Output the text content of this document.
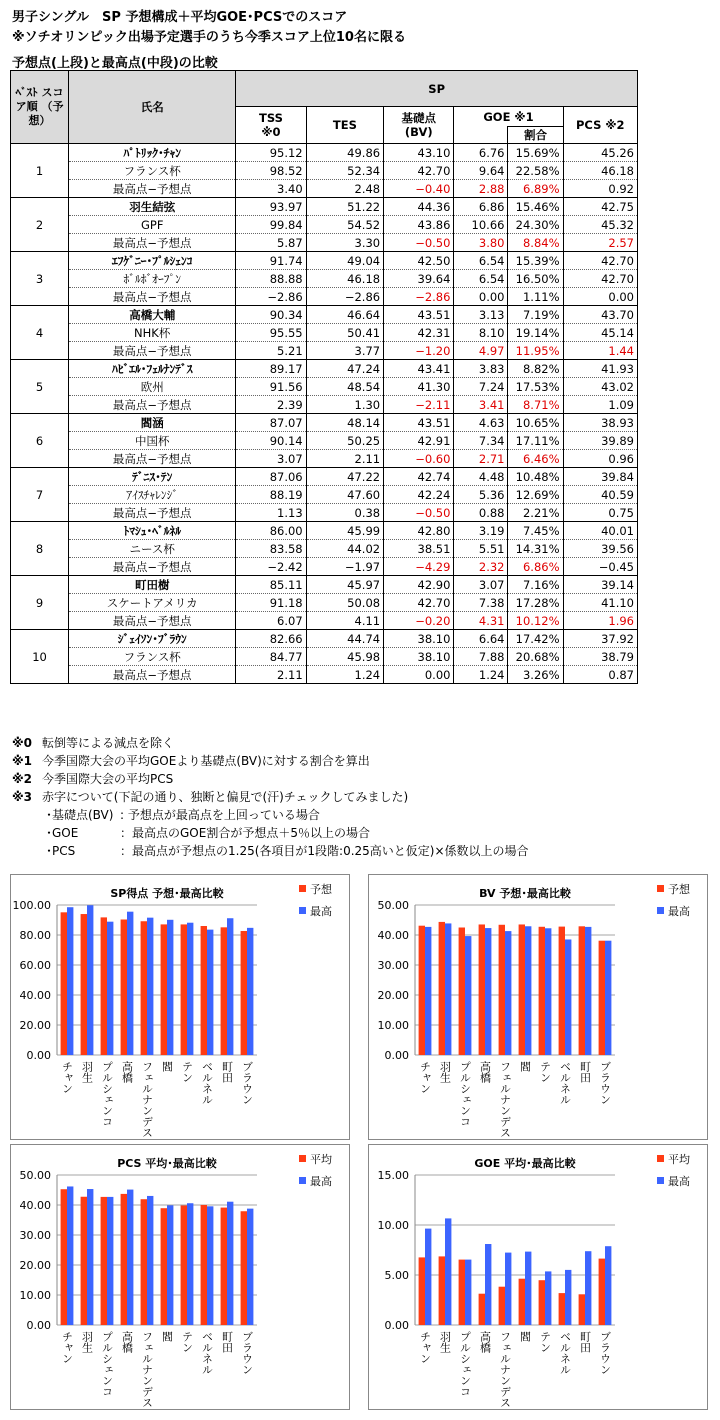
男子シングル　SP 予想構成＋平均GOE･PCSでのスコア
※ソチオリンピック出場予定選手のうち今季スコア上位10名に限る
予想点(上段)と最高点(中段)の比較
ﾍﾞｽﾄ スコア順 （予想）	氏名	SP					
		TSS ※0	TES	基礎点 (BV)	GOE ※1		PCS ※2
						割合	
1	ﾊﾟﾄﾘｯｸ･ﾁｬﾝ	95.12	49.86	43.10	6.76	15.69%	45.26
	フランス杯	98.52	52.34	42.70	9.64	22.58%	46.18
	最高点−予想点	3.40	2.48	−0.40	2.88	6.89%	0.92
2	羽生結弦	93.97	51.22	44.36	6.86	15.46%	42.75
	GPF	99.84	54.52	43.86	10.66	24.30%	45.32
	最高点−予想点	5.87	3.30	−0.50	3.80	8.84%	2.57
3	ｴﾌｹﾞﾆｰ･ﾌﾟﾙｼｪﾝｺ	91.74	49.04	42.50	6.54	15.39%	42.70
	ﾎﾞﾙﾎﾞｵｰﾌﾟﾝ	88.88	46.18	39.64	6.54	16.50%	42.70
	最高点−予想点	−2.86	−2.86	−2.86	0.00	1.11%	0.00
4	高橋大輔	90.34	46.64	43.51	3.13	7.19%	43.70
	NHK杯	95.55	50.41	42.31	8.10	19.14%	45.14
	最高点−予想点	5.21	3.77	−1.20	4.97	11.95%	1.44
5	ﾊﾋﾞｴﾙ･ﾌｪﾙﾅﾝﾃﾞｽ	89.17	47.24	43.41	3.83	8.82%	41.93
	欧州	91.56	48.54	41.30	7.24	17.53%	43.02
	最高点−予想点	2.39	1.30	−2.11	3.41	8.71%	1.09
6	閻涵	87.07	48.14	43.51	4.63	10.65%	38.93
	中国杯	90.14	50.25	42.91	7.34	17.11%	39.89
	最高点−予想点	3.07	2.11	−0.60	2.71	6.46%	0.96
7	ﾃﾞﾆｽ･ﾃﾝ	87.06	47.22	42.74	4.48	10.48%	39.84
	ｱｲｽﾁｬﾚﾝｼﾞ	88.19	47.60	42.24	5.36	12.69%	40.59
	最高点−予想点	1.13	0.38	−0.50	0.88	2.21%	0.75
8	ﾄﾏｼｭ･ﾍﾞﾙﾈﾙ	86.00	45.99	42.80	3.19	7.45%	40.01
	ニース杯	83.58	44.02	38.51	5.51	14.31%	39.56
	最高点−予想点	−2.42	−1.97	−4.29	2.32	6.86%	−0.45
9	町田樹	85.11	45.97	42.90	3.07	7.16%	39.14
	スケートアメリカ	91.18	50.08	42.70	7.38	17.28%	41.10
	最高点−予想点	6.07	4.11	−0.20	4.31	10.12%	1.96
10	ｼﾞｪｲｿﾝ･ﾌﾞﾗｳﾝ	82.66	44.74	38.10	6.64	17.42%	37.92
	フランス杯	84.77	45.98	38.10	7.88	20.68%	38.79
	最高点−予想点	2.11	1.24	0.00	1.24	3.26%	0.87
※0 転倒等による減点を除く
※1 今季国際大会の平均GOEより基礎点(BV)に対する割合を算出
※2 今季国際大会の平均PCS
※3 赤字について(下記の通り、独断と偏見で(汗)チェックしてみました)
･基礎点(BV) : 予想点が最高点を上回っている場合
･GOE	：最高点のGOE割合が予想点＋5％以上の場合
･PCS	：最高点が予想点の1.25(各項目が1段階:0.25高いと仮定)×係数以上の場合
SP得点 予想･最高比較
0.00
20.00
40.00
60.00
80.00
100.00
チャン 羽生 プルシェンコ 高橋 フェルナンデス 閻 テン ベルネル 町田 ブラウン
予想
最高
BV 予想･最高比較
0.00
10.00
20.00
30.00
40.00
50.00
チャン 羽生 プルシェンコ 高橋 フェルナンデス 閻 テン ベルネル 町田 ブラウン
予想
最高
PCS 平均･最高比較
0.00
10.00
20.00
30.00
40.00
50.00
チャン 羽生 プルシェンコ 高橋 フェルナンデス 閻 テン ベルネル 町田 ブラウン
平均
最高
GOE 平均･最高比較
0.00
5.00
10.00
15.00
チャン 羽生 プルシェンコ 高橋 フェルナンデス 閻 テン ベルネル 町田 ブラウン
平均
最高
